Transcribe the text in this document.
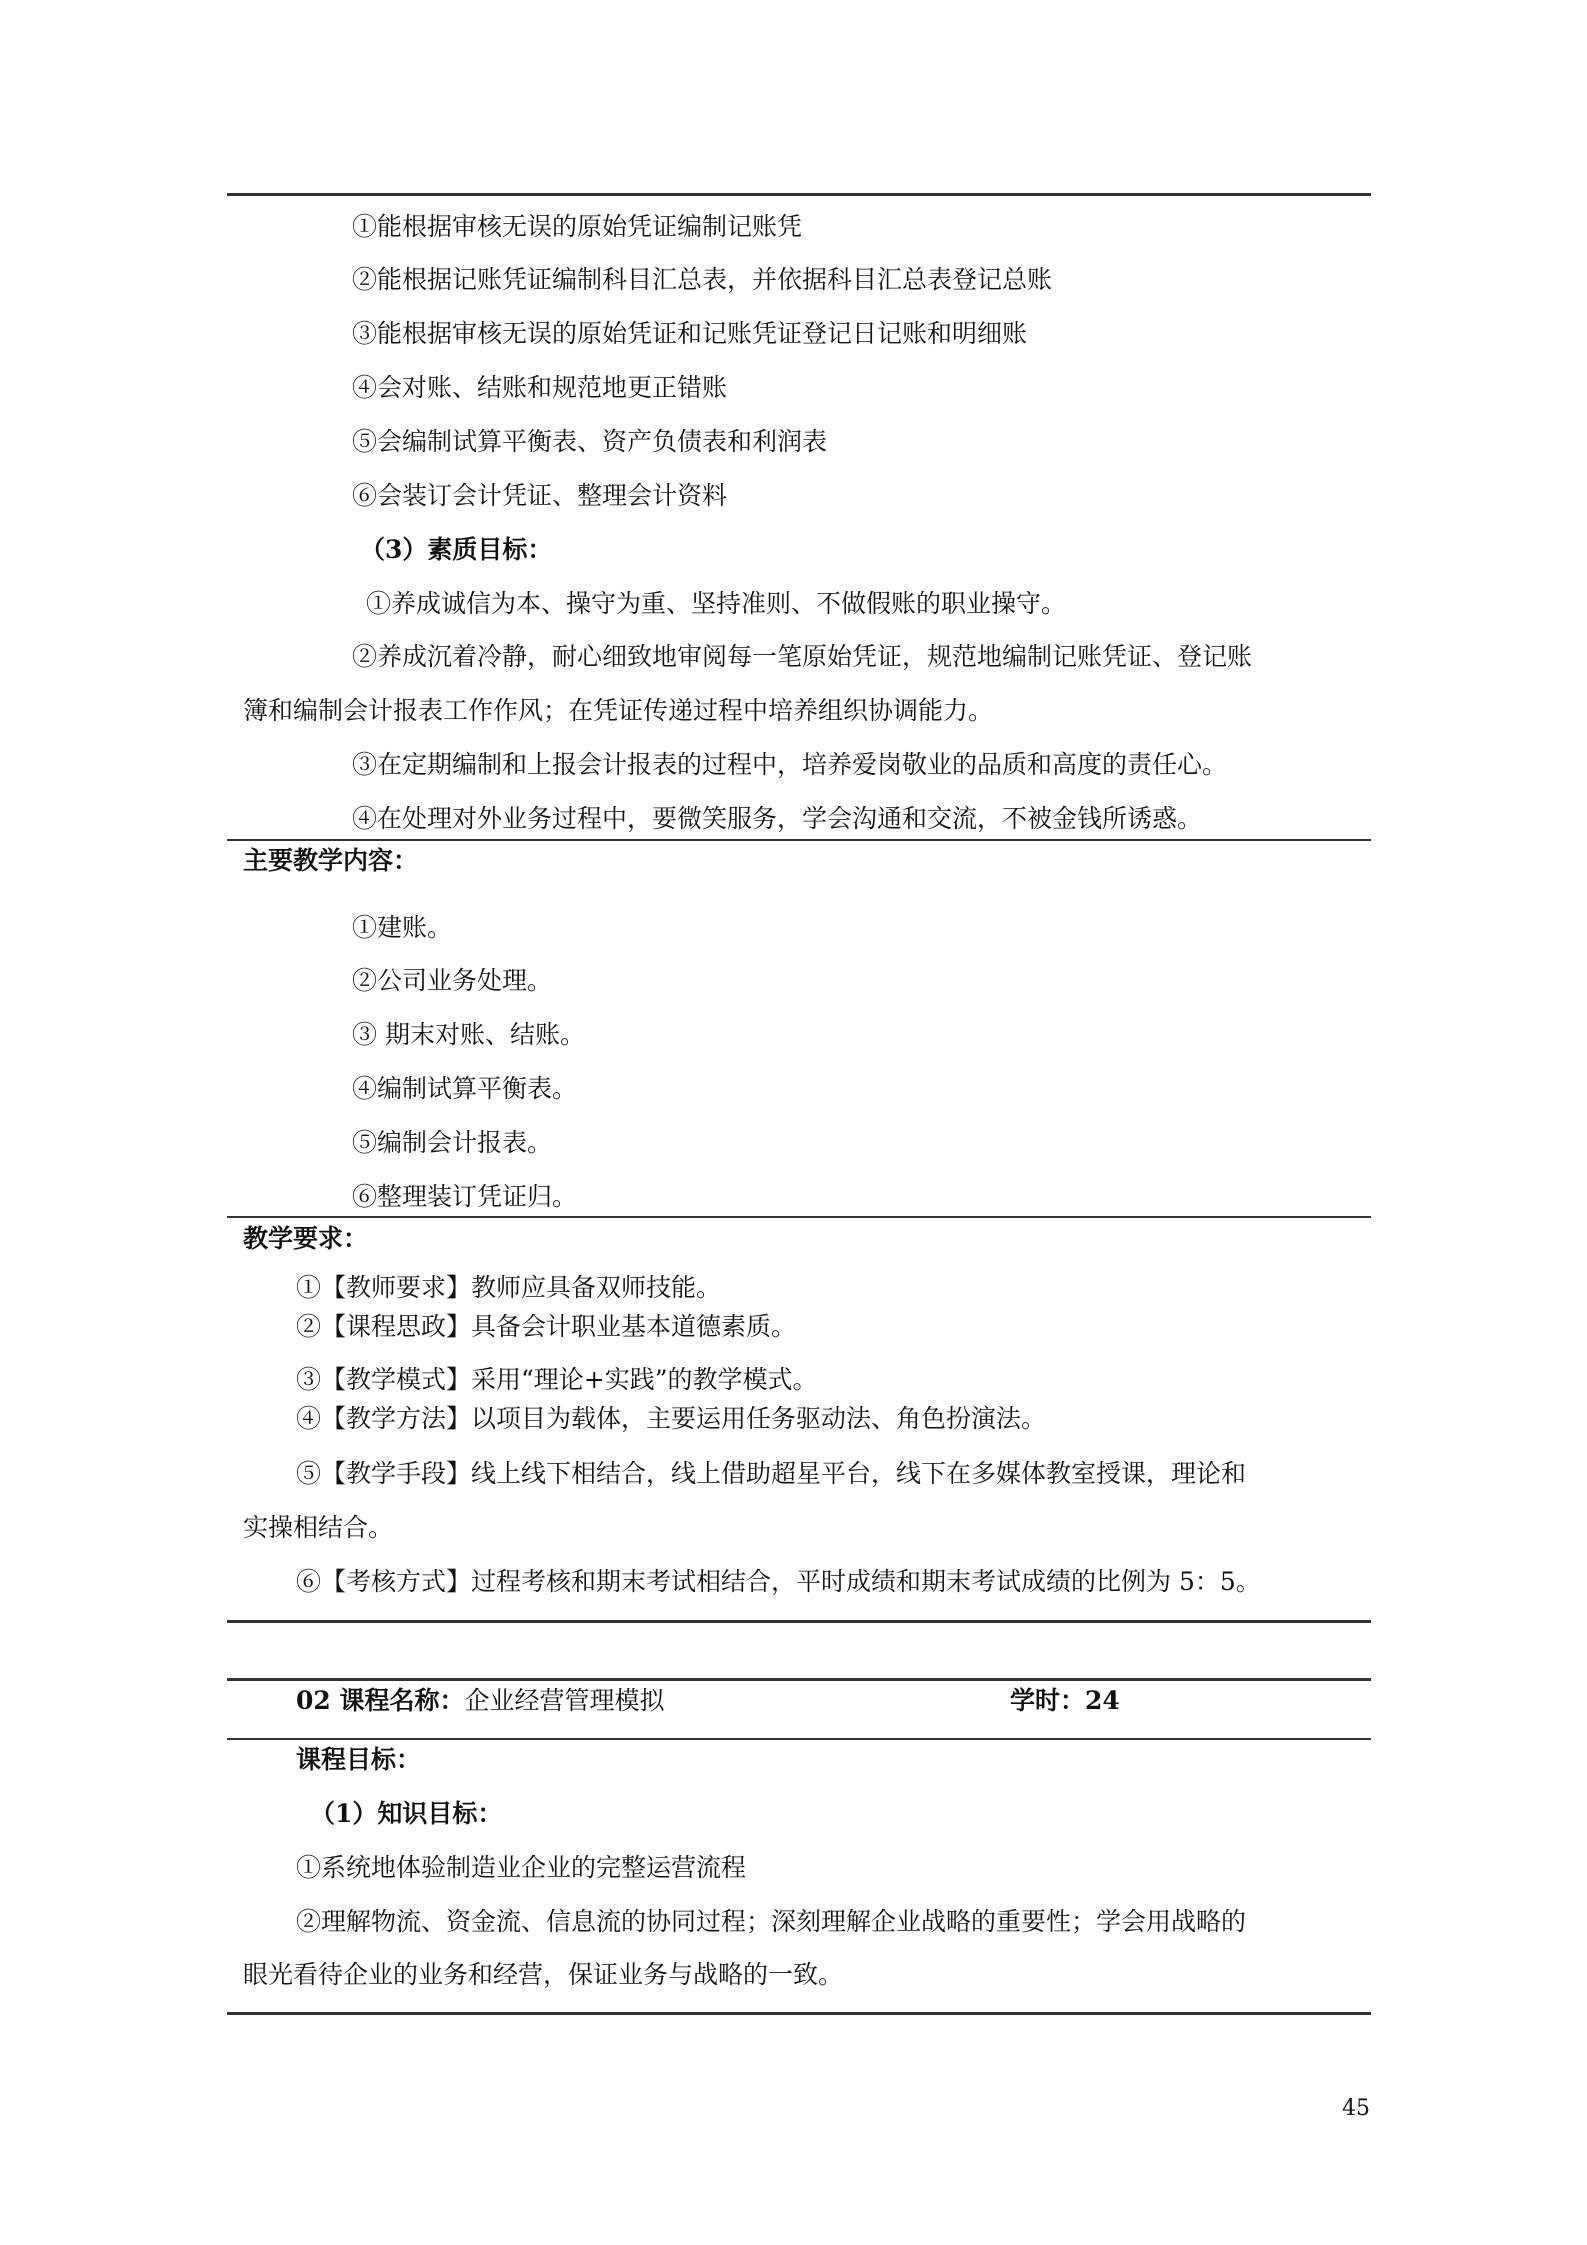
①能根据审核无误的原始凭证编制记账凭
②能根据记账凭证编制科目汇总表，并依据科目汇总表登记总账
③能根据审核无误的原始凭证和记账凭证登记日记账和明细账
④会对账、结账和规范地更正错账
⑤会编制试算平衡表、资产负债表和利润表
⑥会装订会计凭证、整理会计资料
（3）素质目标：
①养成诚信为本、操守为重、坚持准则、不做假账的职业操守。
②养成沉着冷静，耐心细致地审阅每一笔原始凭证，规范地编制记账凭证、登记账
簿和编制会计报表工作作风；在凭证传递过程中培养组织协调能力。
③在定期编制和上报会计报表的过程中，培养爱岗敬业的品质和高度的责任心。
④在处理对外业务过程中，要微笑服务，学会沟通和交流，不被金钱所诱惑。
主要教学内容：
①建账。
②公司业务处理。
③ 期末对账、结账。
④编制试算平衡表。
⑤编制会计报表。
⑥整理装订凭证归。
教学要求：
①【教师要求】教师应具备双师技能。
②【课程思政】具备会计职业基本道德素质。
③【教学模式】采用“理论+实践”的教学模式。
④【教学方法】以项目为载体，主要运用任务驱动法、角色扮演法。
⑤【教学手段】线上线下相结合，线上借助超星平台，线下在多媒体教室授课，理论和
实操相结合。
⑥【考核方式】过程考核和期末考试相结合，平时成绩和期末考试成绩的比例为 5：5。
02 课程名称：企业经营管理模拟	学时：24
课程目标：
（1）知识目标：
①系统地体验制造业企业的完整运营流程
②理解物流、资金流、信息流的协同过程；深刻理解企业战略的重要性；学会用战略的
眼光看待企业的业务和经营，保证业务与战略的一致。
45
